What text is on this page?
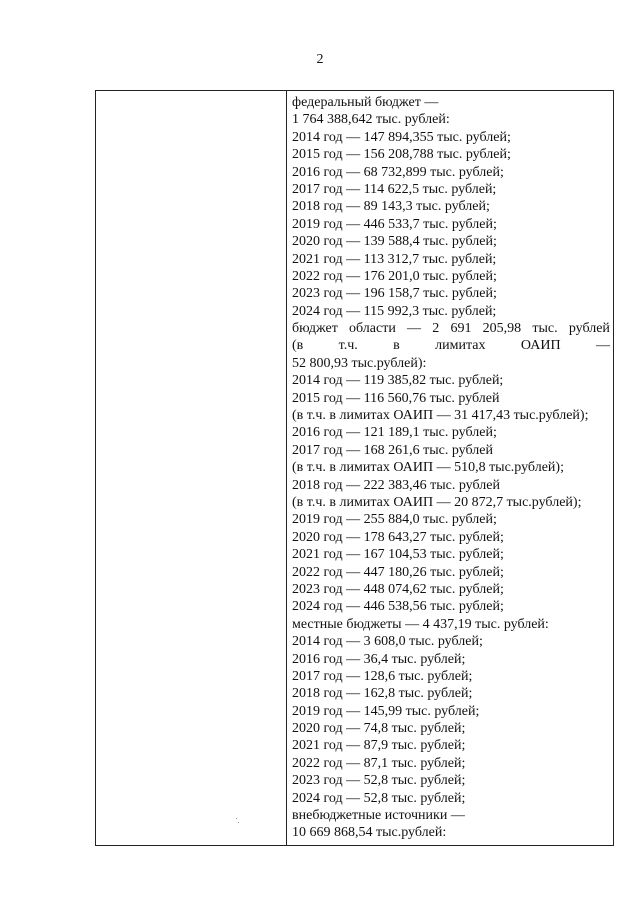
2
федеральный бюджет —
1 764 388,642 тыс. рублей:
2014 год — 147 894,355 тыс. рублей;
2015 год — 156 208,788 тыс. рублей;
2016 год — 68 732,899 тыс. рублей;
2017 год — 114 622,5 тыс. рублей;
2018 год — 89 143,3 тыс. рублей;
2019 год — 446 533,7 тыс. рублей;
2020 год — 139 588,4 тыс. рублей;
2021 год — 113 312,7 тыс. рублей;
2022 год — 176 201,0 тыс. рублей;
2023 год — 196 158,7 тыс. рублей;
2024 год — 115 992,3 тыс. рублей;
бюджет области — 2 691 205,98 тыс. рублей
(в	т.ч.	в	лимитах	ОАИП	—
52 800,93 тыс.рублей):
2014 год — 119 385,82 тыс. рублей;
2015 год — 116 560,76 тыс. рублей
(в т.ч. в лимитах ОАИП — 31 417,43 тыс.рублей);
2016 год — 121 189,1 тыс. рублей;
2017 год — 168 261,6 тыс. рублей
(в т.ч. в лимитах ОАИП — 510,8 тыс.рублей);
2018 год — 222 383,46 тыс. рублей
(в т.ч. в лимитах ОАИП — 20 872,7 тыс.рублей);
2019 год — 255 884,0 тыс. рублей;
2020 год — 178 643,27 тыс. рублей;
2021 год — 167 104,53 тыс. рублей;
2022 год — 447 180,26 тыс. рублей;
2023 год — 448 074,62 тыс. рублей;
2024 год — 446 538,56 тыс. рублей;
местные бюджеты — 4 437,19 тыс. рублей:
2014 год — 3 608,0 тыс. рублей;
2016 год — 36,4 тыс. рублей;
2017 год — 128,6 тыс. рублей;
2018 год — 162,8 тыс. рублей;
2019 год — 145,99 тыс. рублей;
2020 год — 74,8 тыс. рублей;
2021 год — 87,9 тыс. рублей;
2022 год — 87,1 тыс. рублей;
2023 год — 52,8 тыс. рублей;
2024 год — 52,8 тыс. рублей;
внебюджетные источники —
10 669 868,54 тыс.рублей:
